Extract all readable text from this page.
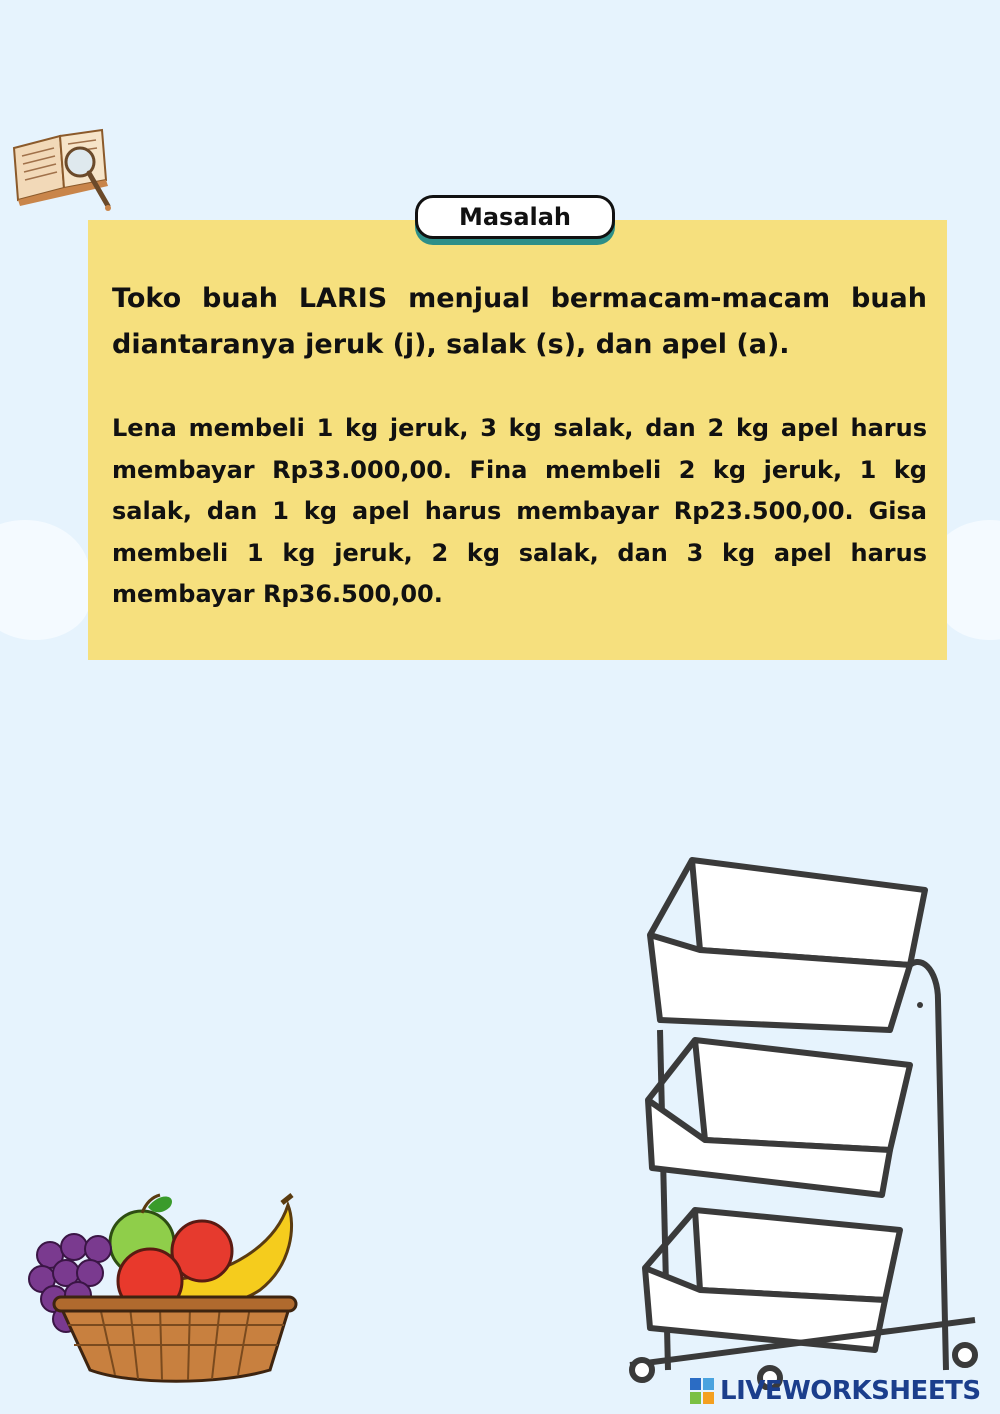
Toko buah LARIS menjual bermacam-macam buah diantaranya jeruk (j), salak (s), dan apel (a).

Lena membeli 1 kg jeruk, 3 kg salak, dan 2 kg apel harus membayar Rp33.000,00. Fina membeli 2 kg jeruk, 1 kg salak, dan 1 kg apel harus membayar Rp23.500,00. Gisa membeli 1 kg jeruk, 2 kg salak, dan 3 kg apel harus membayar Rp36.500,00.

Masalah
LIVEWORKSHEETS
